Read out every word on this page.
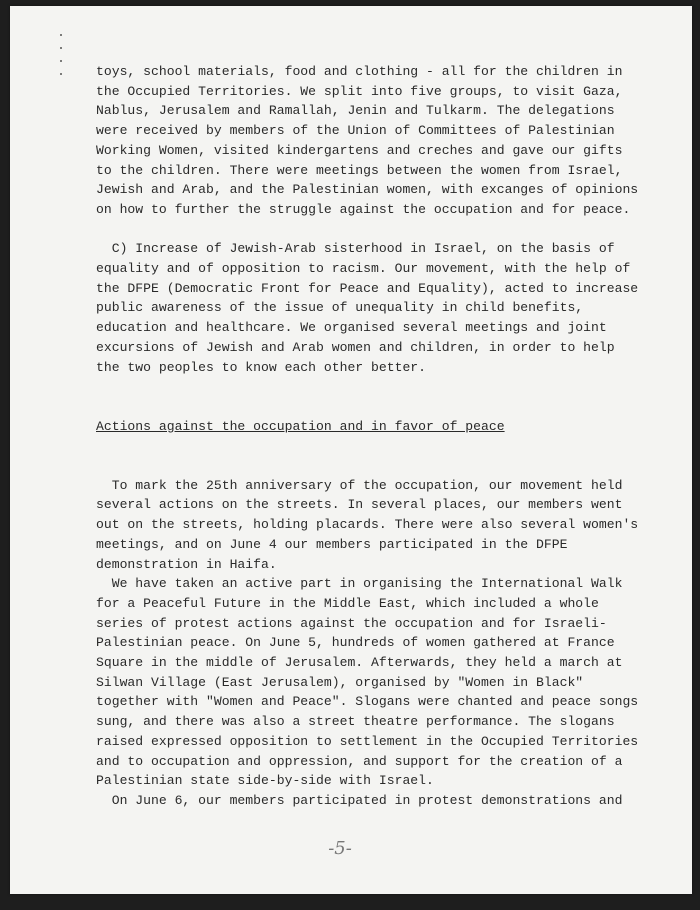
toys, school materials, food and clothing - all for the children in
the Occupied Territories. We split into five groups, to visit Gaza,
Nablus, Jerusalem and Ramallah, Jenin and Tulkarm. The delegations
were received by members of the Union of Committees of Palestinian
Working Women, visited kindergartens and creches and gave our gifts
to the children. There were meetings between the women from Israel,
Jewish and Arab, and the Palestinian women, with excanges of opinions
on how to further the struggle against the occupation and for peace.
C) Increase of Jewish-Arab sisterhood in Israel, on the basis of
equality and of opposition to racism. Our movement, with the help of
the DFPE (Democratic Front for Peace and Equality), acted to increase
public awareness of the issue of unequality in child benefits,
education and healthcare. We organised several meetings and joint
excursions of Jewish and Arab women and children, in order to help
the two peoples to know each other better.

Actions against the occupation and in favor of peace

To mark the 25th anniversary of the occupation, our movement held
several actions on the streets. In several places, our members went
out on the streets, holding placards. There were also several women's
meetings, and on June 4 our members participated in the DFPE
demonstration in Haifa.
We have taken an active part in organising the International Walk
for a Peaceful Future in the Middle East, which included a whole
series of protest actions against the occupation and for Israeli-
Palestinian peace. On June 5, hundreds of women gathered at France
Square in the middle of Jerusalem. Afterwards, they held a march at
Silwan Village (East Jerusalem), organised by "Women in Black"
together with "Women and Peace". Slogans were chanted and peace songs
sung, and there was also a street theatre performance. The slogans
raised expressed opposition to settlement in the Occupied Territories
and to occupation and oppression, and support for the creation of a
Palestinian state side-by-side with Israel.
On June 6, our members participated in protest demonstrations and
-5-
